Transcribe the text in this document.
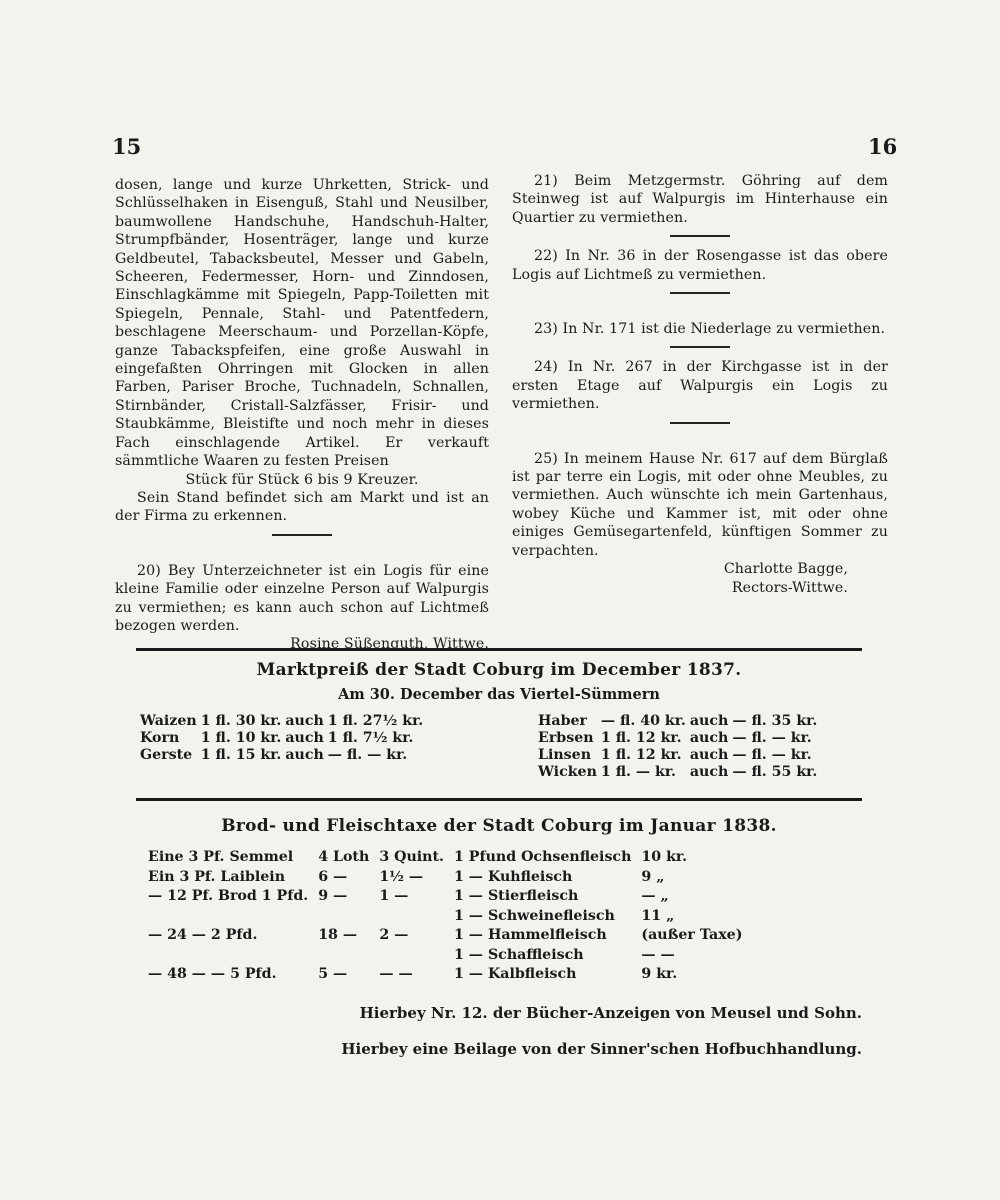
15	16

dosen, lange und kurze Uhrketten, Strick- und Schlüsselhaken in Eisenguß, Stahl und Neusilber, baumwollene Handschuhe, Handschuh-Halter, Strumpfbänder, Hosenträger, lange und kurze Geldbeutel, Tabacksbeutel, Messer und Gabeln, Scheeren, Federmesser, Horn- und Zinndosen, Einschlagkämme mit Spiegeln, Papp-Toiletten mit Spiegeln, Pennale, Stahl- und Patentfedern, beschlagene Meerschaum- und Porzellan-Köpfe, ganze Tabackspfeifen, eine große Auswahl in eingefaßten Ohrringen mit Glocken in allen Farben, Pariser Broche, Tuchnadeln, Schnallen, Stirnbänder, Cristall-Salzfässer, Frisir- und Staubkämme, Bleistifte und noch mehr in dieses Fach einschlagende Artikel. Er verkauft sämmtliche Waaren zu festen Preisen

Stück für Stück 6 bis 9 Kreuzer.

Sein Stand befindet sich am Markt und ist an der Firma zu erkennen.

20) Bey Unterzeichneter ist ein Logis für eine kleine Familie oder einzelne Person auf Walpurgis zu vermiethen; es kann auch schon auf Lichtmeß bezogen werden.

Rosine Süßenguth, Wittwe.

21) Beim Metzgermstr. Göhring auf dem Steinweg ist auf Walpurgis im Hinterhause ein Quartier zu vermiethen.

22) In Nr. 36 in der Rosengasse ist das obere Logis auf Lichtmeß zu vermiethen.

23) In Nr. 171 ist die Niederlage zu vermiethen.

24) In Nr. 267 in der Kirchgasse ist in der ersten Etage auf Walpurgis ein Logis zu vermiethen.

25) In meinem Hause Nr. 617 auf dem Bürglaß ist par terre ein Logis, mit oder ohne Meubles, zu vermiethen. Auch wünschte ich mein Gartenhaus, wobey Küche und Kammer ist, mit oder ohne einiges Gemüsegartenfeld, künftigen Sommer zu verpachten.

Charlotte Bagge,

Rectors-Wittwe.

Marktpreiß der Stadt Coburg im December 1837.
Am 30. December das Viertel-Sümmern
Waizen	1 fl. 30 kr.	auch	1 fl. 27½ kr.
Korn	1 fl. 10 kr.	auch	1 fl. 7½ kr.
Gerste	1 fl. 15 kr.	auch	— fl. — kr.
Haber	— fl. 40 kr.	auch	— fl. 35 kr.
Erbsen	1 fl. 12 kr.	auch	— fl. — kr.
Linsen	1 fl. 12 kr.	auch	— fl. — kr.
Wicken	1 fl. — kr.	auch	— fl. 55 kr.
Brod- und Fleischtaxe der Stadt Coburg im Januar 1838.
Eine 3 Pf. Semmel	4 Loth	3 Quint.	1 Pfund Ochsenfleisch	10 kr.
Ein 3 Pf. Laiblein	6 —	1½ —	1 — Kuhfleisch	9 „
— 12 Pf. Brod 1 Pfd.	9 —	1 —	1 — Stierfleisch	— „
			1 — Schweinefleisch	11 „
— 24 — 2 Pfd.	18 —	2 —	1 — Hammelfleisch	(außer Taxe)
			1 — Schaffleisch	— —
— 48 — — 5 Pfd.	5 —	— —	1 — Kalbfleisch	9 kr.
Hierbey Nr. 12. der Bücher-Anzeigen von Meusel und Sohn.
Hierbey eine Beilage von der Sinner'schen Hofbuchhandlung.
